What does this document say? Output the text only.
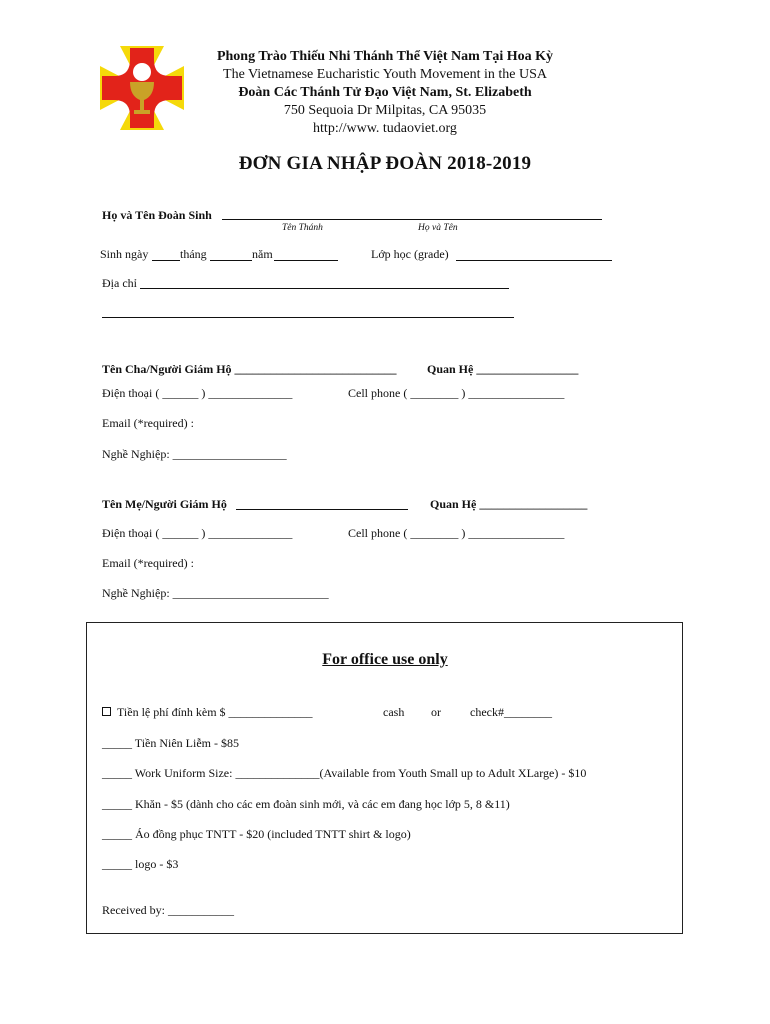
Phong Trào Thiếu Nhi Thánh Thể Việt Nam Tại Hoa Kỳ
The Vietnamese Eucharistic Youth Movement in the USA
Đoàn Các Thánh Tử Đạo Việt Nam, St. Elizabeth
750 Sequoia Dr Milpitas, CA 95035
http://www. tudaoviet.org
ĐƠN GIA NHẬP ĐOÀN 2018-2019
Họ và Tên Đoàn Sinh
Tên Thánh	Họ và Tên
Sinh ngày	tháng	năm	Lớp học (grade)
Địa chỉ
Tên Cha/Người Giám Hộ ___________________________	Quan Hệ _________________
Điện thoại ( ______ ) ______________	Cell phone ( ________ ) ________________
Email (*required) :
Nghề Nghiệp: ___________________
Tên Mẹ/Người Giám Hộ	Quan Hệ __________________
Điện thoại ( ______ ) ______________	Cell phone ( ________ ) ________________
Email (*required) :
Nghề Nghiệp: __________________________
For office use only
Tiền lệ phí đính kèm $ ______________	cash or check#________
_____ Tiền Niên Liễm - $85
_____ Work Uniform Size: ______________(Available from Youth Small up to Adult XLarge) - $10
_____ Khăn - $5 (dành cho các em đoàn sinh mới, và các em đang học lớp 5, 8 &11)
_____ Áo đồng phục TNTT - $20 (included TNTT shirt & logo)
_____ logo - $3
Received by: ___________
